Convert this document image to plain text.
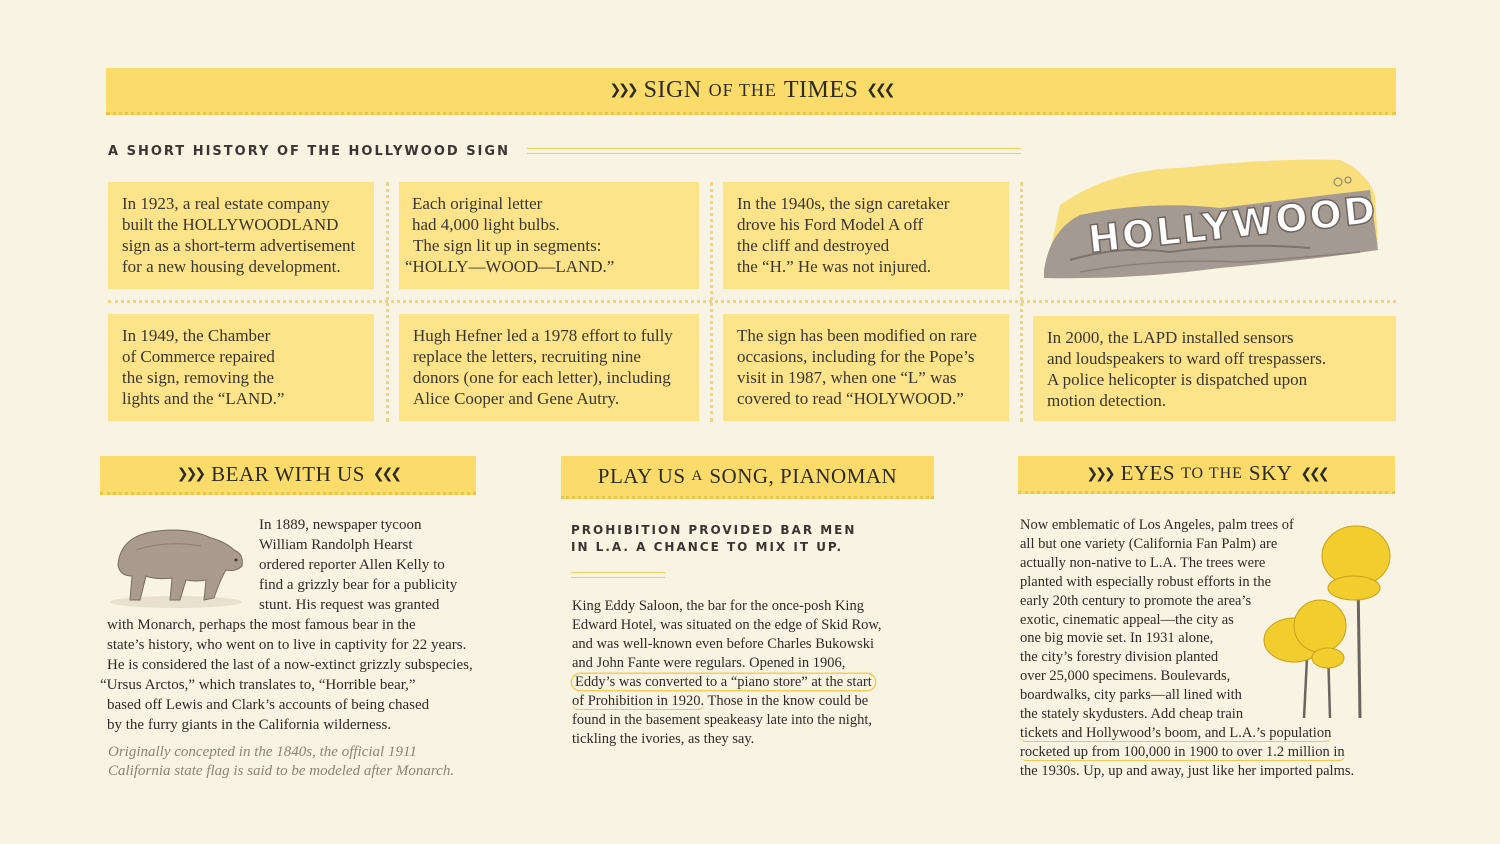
❯❯❯ SIGN OF THE TIMES ❮❮❮
A SHORT HISTORY OF THE HOLLYWOOD SIGN
In 1923, a real estate company
built the HOLLYWOODLAND
sign as a short-term advertisement
for a new housing development.
Each original letter
had 4,000 light bulbs.
The sign lit up in segments:
“HOLLY—WOOD—LAND.”
In the 1940s, the sign caretaker
drove his Ford Model A off
the cliff and destroyed
the “H.” He was not injured.
In 1949, the Chamber
of Commerce repaired
the sign, removing the
lights and the “LAND.”
Hugh Hefner led a 1978 effort to fully
replace the letters, recruiting nine
donors (one for each letter), including
Alice Cooper and Gene Autry.
The sign has been modified on rare
occasions, including for the Pope’s
visit in 1987, when one “L” was
covered to read “HOLYWOOD.”
In 2000, the LAPD installed sensors
and loudspeakers to ward off trespassers.
A police helicopter is dispatched upon
motion detection.
HOLLYWOOD
❯❯❯ BEAR WITH US ❮❮❮
In 1889, newspaper tycoon
William Randolph Hearst
ordered reporter Allen Kelly to
find a grizzly bear for a publicity
stunt. His request was granted
with Monarch, perhaps the most famous bear in the
state’s history, who went on to live in captivity for 22 years.
He is considered the last of a now-extinct grizzly subspecies,
“Ursus Arctos,” which translates to, “Horrible bear,”
based off Lewis and Clark’s accounts of being chased
by the furry giants in the California wilderness.
Originally concepted in the 1840s, the official 1911
California state flag is said to be modeled after Monarch.
PLAY US A SONG, PIANOMAN
PROHIBITION PROVIDED BAR MEN
IN L.A. A CHANCE TO MIX IT UP.
King Eddy Saloon, the bar for the once-posh King
Edward Hotel, was situated on the edge of Skid Row,
and was well-known even before Charles Bukowski
and John Fante were regulars. Opened in 1906,
Eddy’s was converted to a “piano store” at the start
of Prohibition in 1920. Those in the know could be
found in the basement speakeasy late into the night,
tickling the ivories, as they say.
❯❯❯ EYES TO THE SKY ❮❮❮
Now emblematic of Los Angeles, palm trees of
all but one variety (California Fan Palm) are
actually non-native to L.A. The trees were
planted with especially robust efforts in the
early 20th century to promote the area’s
exotic, cinematic appeal—the city as
one big movie set. In 1931 alone,
the city’s forestry division planted
over 25,000 specimens. Boulevards,
boardwalks, city parks—all lined with
the stately skydusters. Add cheap train
tickets and Hollywood’s boom, and L.A.’s population
rocketed up from 100,000 in 1900 to over 1.2 million in
the 1930s. Up, up and away, just like her imported palms.
